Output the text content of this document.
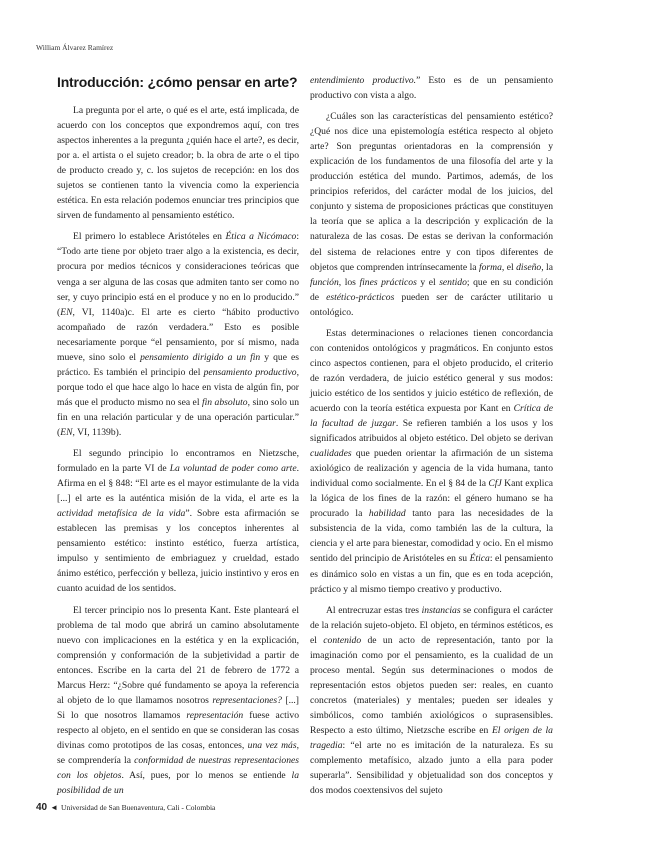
William Álvarez Ramírez
Introducción: ¿cómo pensar en arte?

La pregunta por el arte, o qué es el arte, está implicada, de acuerdo con los conceptos que expondremos aquí, con tres aspectos inherentes a la pregunta ¿quién hace el arte?, es decir, por a. el artista o el sujeto creador; b. la obra de arte o el tipo de producto creado y, c. los sujetos de recepción: en los dos sujetos se contienen tanto la vivencia como la experiencia estética. En esta relación podemos enunciar tres principios que sirven de fundamento al pensamiento estético.

El primero lo establece Aristóteles en Ética a Nicómaco: “Todo arte tiene por objeto traer algo a la existencia, es decir, procura por medios técnicos y consideraciones teóricas que venga a ser alguna de las cosas que admiten tanto ser como no ser, y cuyo principio está en el produce y no en lo producido.” (EN, VI, 1140a)c. El arte es cierto “hábito productivo acompañado de razón verdadera.” Esto es posible necesariamente porque “el pensamiento, por sí mismo, nada mueve, sino solo el pensamiento dirigido a un fin y que es práctico. Es también el principio del pensamiento productivo, porque todo el que hace algo lo hace en vista de algún fin, por más que el producto mismo no sea el fin absoluto, sino solo un fin en una relación particular y de una operación particular.” (EN, VI, 1139b).

El segundo principio lo encontramos en Nietzsche, formulado en la parte VI de La voluntad de poder como arte. Afirma en el § 848: “El arte es el mayor estimulante de la vida [...] el arte es la auténtica misión de la vida, el arte es la actividad metafísica de la vida”. Sobre esta afirmación se establecen las premisas y los conceptos inherentes al pensamiento estético: instinto estético, fuerza artística, impulso y sentimiento de embriaguez y crueldad, estado ánimo estético, perfección y belleza, juicio instintivo y eros en cuanto acuidad de los sentidos.

El tercer principio nos lo presenta Kant. Este planteará el problema de tal modo que abrirá un camino absolutamente nuevo con implicaciones en la estética y en la explicación, comprensión y conformación de la subjetividad a partir de entonces. Escribe en la carta del 21 de febrero de 1772 a Marcus Herz: “¿Sobre qué fundamento se apoya la referencia al objeto de lo que llamamos nosotros representaciones? [...] Si lo que nosotros llamamos representación fuese activo respecto al objeto, en el sentido en que se consideran las cosas divinas como prototipos de las cosas, entonces, una vez más, se comprendería la conformidad de nuestras representaciones con los objetos. Así, pues, por lo menos se entiende la posibilidad de un

entendimiento productivo.” Esto es de un pensamiento productivo con vista a algo.

¿Cuáles son las características del pensamiento estético? ¿Qué nos dice una epistemología estética respecto al objeto arte? Son preguntas orientadoras en la comprensión y explicación de los fundamentos de una filosofía del arte y la producción estética del mundo. Partimos, además, de los principios referidos, del carácter modal de los juicios, del conjunto y sistema de proposiciones prácticas que constituyen la teoría que se aplica a la descripción y explicación de la naturaleza de las cosas. De estas se derivan la conformación del sistema de relaciones entre y con tipos diferentes de objetos que comprenden intrínsecamente la forma, el diseño, la función, los fines prácticos y el sentido; que en su condición de estético-prácticos pueden ser de carácter utilitario u ontológico.

Estas determinaciones o relaciones tienen concordancia con contenidos ontológicos y pragmáticos. En conjunto estos cinco aspectos contienen, para el objeto producido, el criterio de razón verdadera, de juicio estético general y sus modos: juicio estético de los sentidos y juicio estético de reflexión, de acuerdo con la teoría estética expuesta por Kant en Crítica de la facultad de juzgar. Se refieren también a los usos y los significados atribuidos al objeto estético. Del objeto se derivan cualidades que pueden orientar la afirmación de un sistema axiológico de realización y agencia de la vida humana, tanto individual como socialmente. En el § 84 de la CfJ Kant explica la lógica de los fines de la razón: el género humano se ha procurado la habilidad tanto para las necesidades de la subsistencia de la vida, como también las de la cultura, la ciencia y el arte para bienestar, comodidad y ocio. En el mismo sentido del principio de Aristóteles en su Ética: el pensamiento es dinámico solo en vistas a un fin, que es en toda acepción, práctico y al mismo tiempo creativo y productivo.

Al entrecruzar estas tres instancias se configura el carácter de la relación sujeto-objeto. El objeto, en términos estéticos, es el contenido de un acto de representación, tanto por la imaginación como por el pensamiento, es la cualidad de un proceso mental. Según sus determinaciones o modos de representación estos objetos pueden ser: reales, en cuanto concretos (materiales) y mentales; pueden ser ideales y simbólicos, como también axiológicos o suprasensibles. Respecto a esto último, Nietzsche escribe en El origen de la tragedia: “el arte no es imitación de la naturaleza. Es su complemento metafísico, alzado junto a ella para poder superarla”. Sensibilidad y objetualidad son dos conceptos y dos modos coextensivos del sujeto

40 ◄ Universidad de San Buenaventura, Cali - Colombia
